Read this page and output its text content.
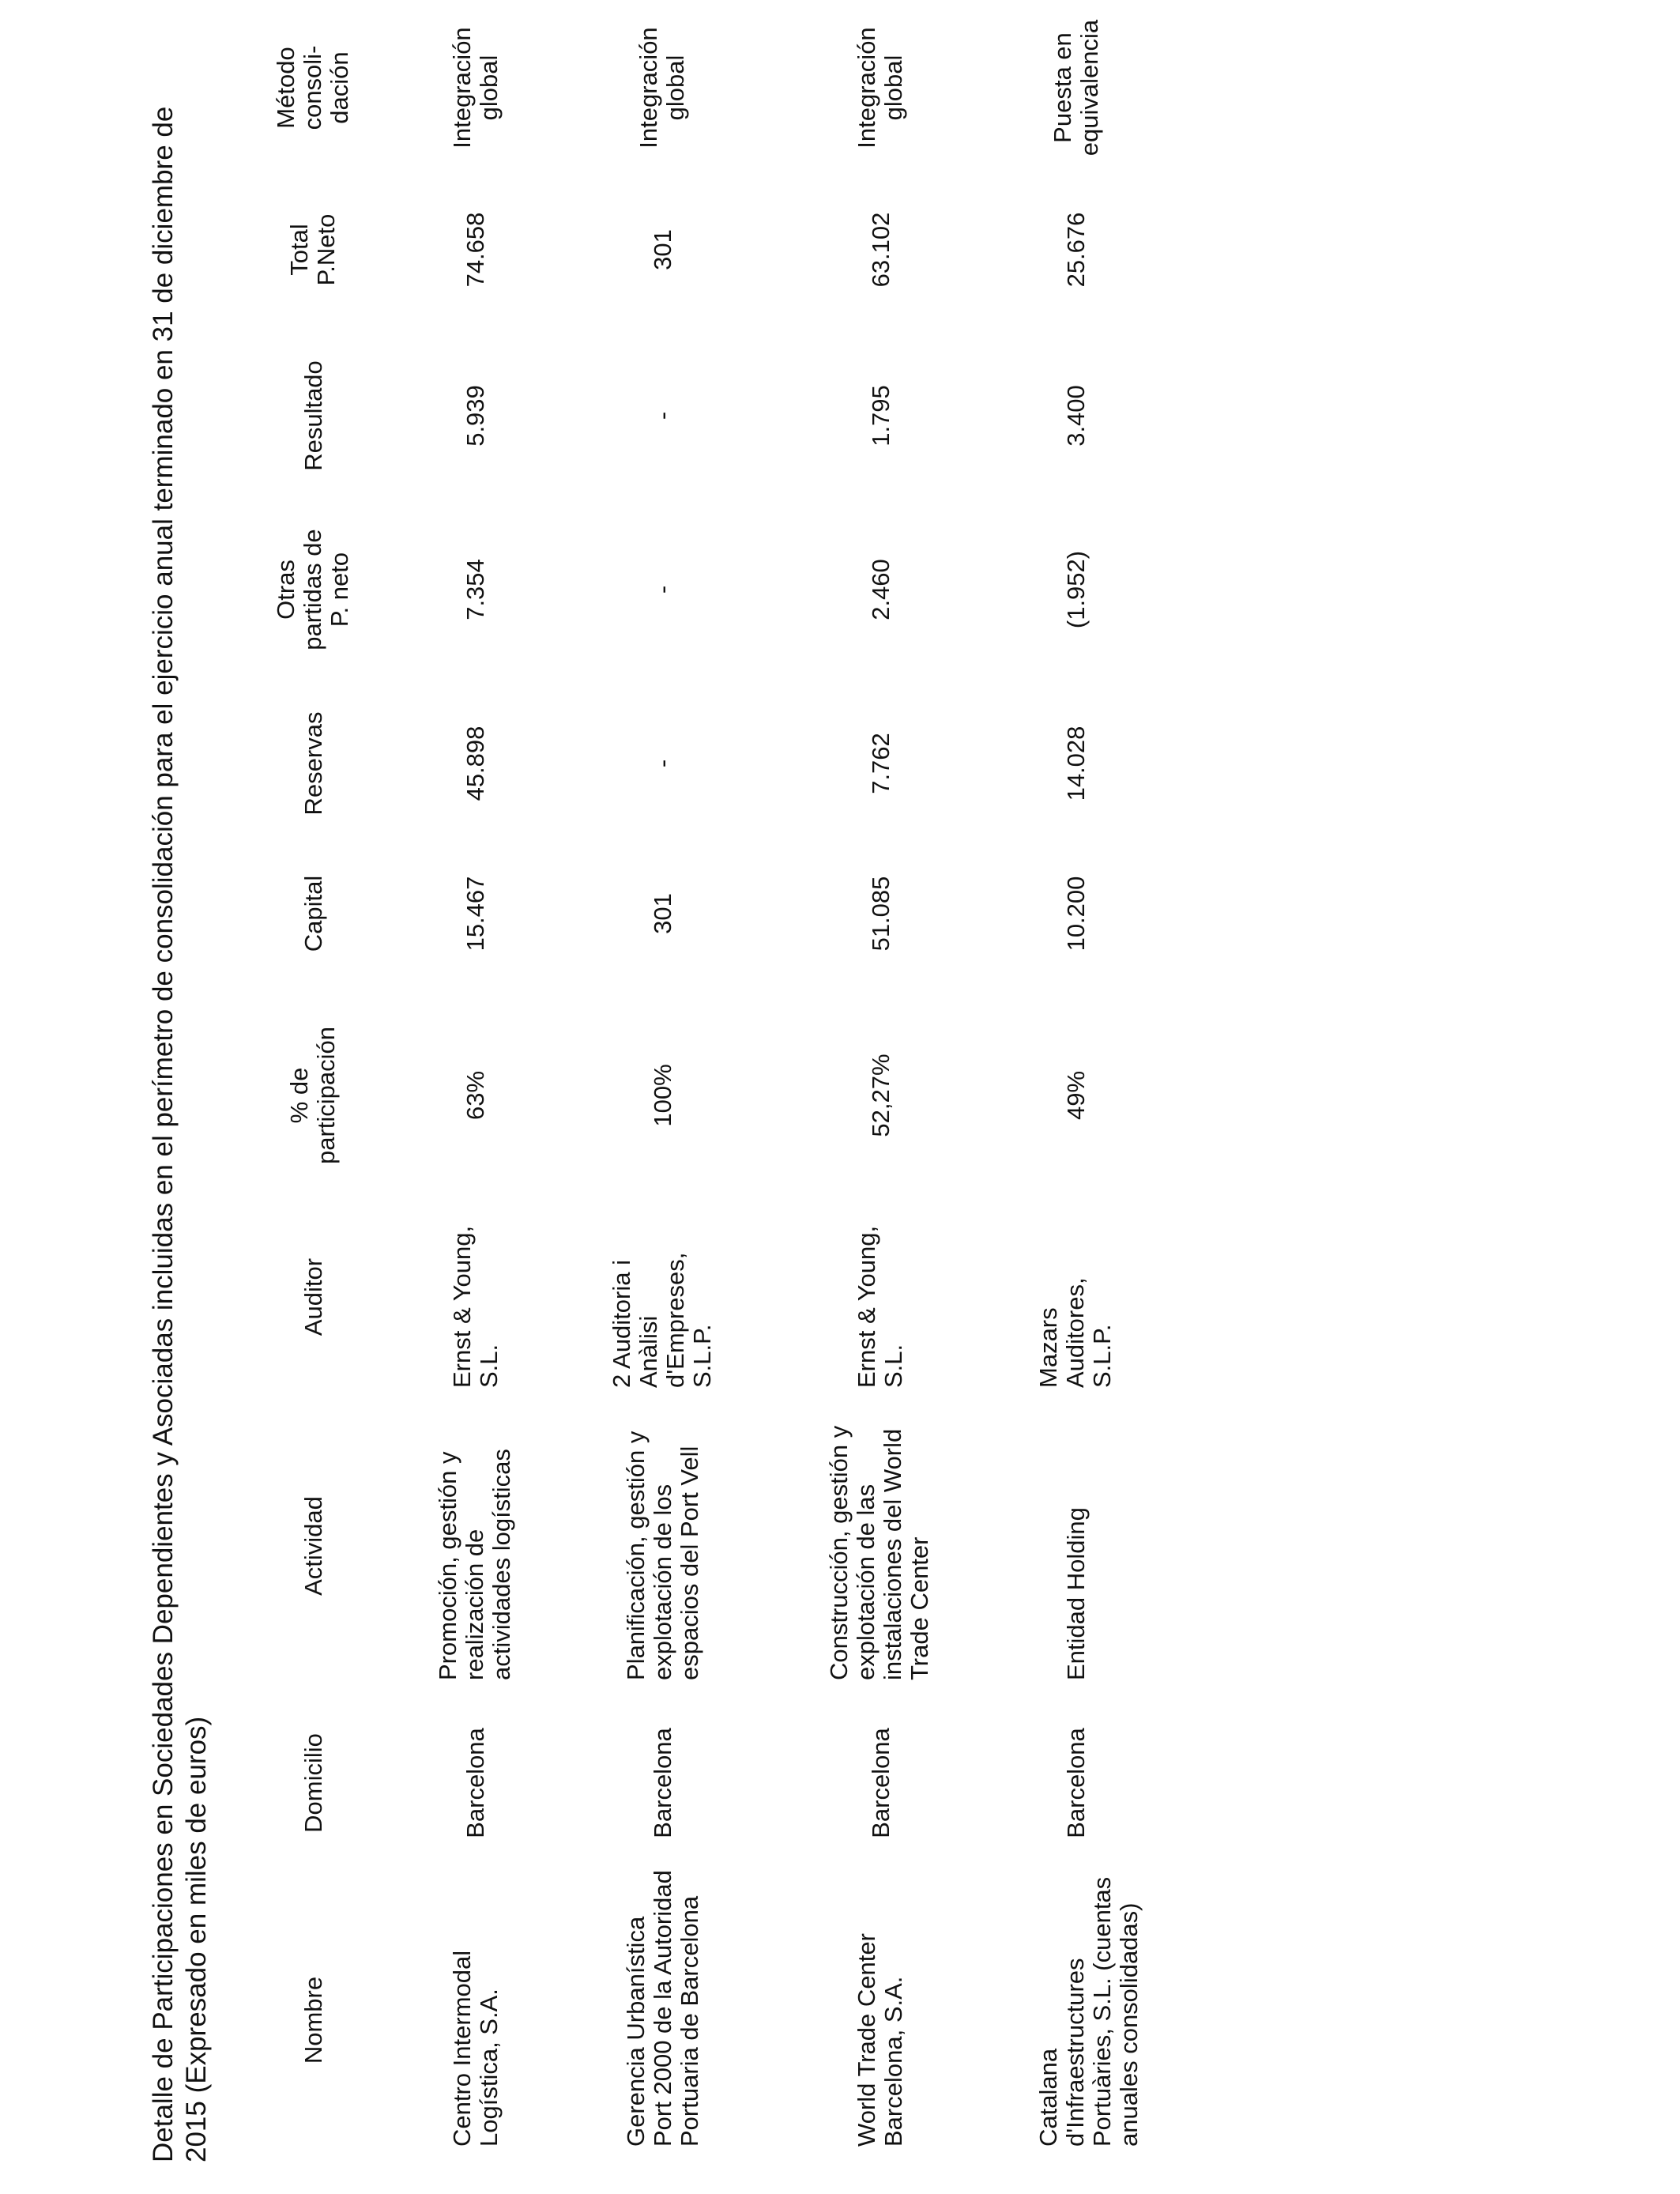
Detalle de Participaciones en Sociedades Dependientes y Asociadas incluidas en el perímetro de consolidación para el ejercicio anual terminado en 31 de diciembre de 2015 (Expresado en miles de euros)	Nombre
Domicilio
Actividad
Auditor
% de
participación
Capital
Reservas
Otras
partidas de
P. neto
Resultado
Total
P.Neto
Método
consoli-
dación
Centro Intermodal
Logística, S.A.
Barcelona
Promoción, gestión y
realización de
actividades logísticas
Ernst & Young,
S.L.
63%
15.467
45.898
7.354
5.939
74.658
Integración
global
Gerencia Urbanística
Port 2000 de la Autoridad
Portuaria de Barcelona
Barcelona
Planificación, gestión y
explotación de los
espacios del Port Vell
2 Auditoria i
Anàlisi
d'Empreses,
S.L.P.
100%
301
-
-
-
301
Integración
global
World Trade Center
Barcelona, S.A.
Barcelona
Construcción, gestión y
explotación de las
instalaciones del World
Trade Center
Ernst & Young,
S.L.
52,27%
51.085
7.762
2.460
1.795
63.102
Integración
global
Catalana
d'Infraestructures
Portuàries, S.L. (cuentas
anuales consolidadas)
Barcelona
Entidad Holding
Mazars
Auditores,
S.L.P.
49%
10.200
14.028
(1.952)
3.400
25.676
Puesta en
equivalencia
